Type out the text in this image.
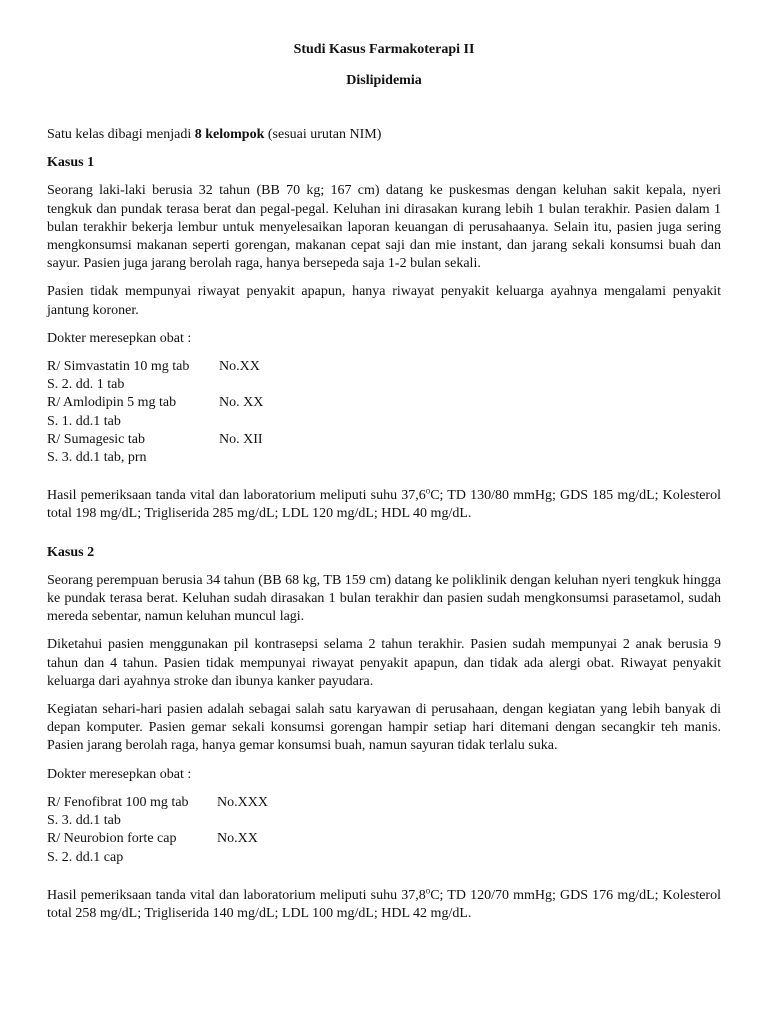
Studi Kasus Farmakoterapi II
Dislipidemia

Satu kelas dibagi menjadi 8 kelompok (sesuai urutan NIM)

Kasus 1

Seorang laki-laki berusia 32 tahun (BB 70 kg; 167 cm) datang ke puskesmas dengan keluhan sakit kepala, nyeri tengkuk dan pundak terasa berat dan pegal-pegal. Keluhan ini dirasakan kurang lebih 1 bulan terakhir. Pasien dalam 1 bulan terakhir bekerja lembur untuk menyelesaikan laporan keuangan di perusahaanya. Selain itu, pasien juga sering mengkonsumsi makanan seperti gorengan, makanan cepat saji dan mie instant, dan jarang sekali konsumsi buah dan sayur. Pasien juga jarang berolah raga, hanya bersepeda saja 1-2 bulan sekali.

Pasien tidak mempunyai riwayat penyakit apapun, hanya riwayat penyakit keluarga ayahnya mengalami penyakit jantung koroner.

Dokter meresepkan obat :

R/ Simvastatin 10 mg tab No.XX
S. 2. dd. 1 tab
R/ Amlodipin 5 mg tab	No. XX
S. 1. dd.1 tab
R/ Sumagesic tab	No. XII
S. 3. dd.1 tab, prn

Hasil pemeriksaan tanda vital dan laboratorium meliputi suhu 37,6$^o$C; TD 130/80 mmHg; GDS 185 mg/dL; Kolesterol total 198 mg/dL; Trigliserida 285 mg/dL; LDL 120 mg/dL; HDL 40 mg/dL.

Kasus 2

Seorang perempuan berusia 34 tahun (BB 68 kg, TB 159 cm) datang ke poliklinik dengan keluhan nyeri tengkuk hingga ke pundak terasa berat. Keluhan sudah dirasakan 1 bulan terakhir dan pasien sudah mengkonsumsi parasetamol, sudah mereda sebentar, namun keluhan muncul lagi.

Diketahui pasien menggunakan pil kontrasepsi selama 2 tahun terakhir. Pasien sudah mempunyai 2 anak berusia 9 tahun dan 4 tahun. Pasien tidak mempunyai riwayat penyakit apapun, dan tidak ada alergi obat. Riwayat penyakit keluarga dari ayahnya stroke dan ibunya kanker payudara.

Kegiatan sehari-hari pasien adalah sebagai salah satu karyawan di perusahaan, dengan kegiatan yang lebih banyak di depan komputer. Pasien gemar sekali konsumsi gorengan hampir setiap hari ditemani dengan secangkir teh manis. Pasien jarang berolah raga, hanya gemar konsumsi buah, namun sayuran tidak terlalu suka.

Dokter meresepkan obat :

R/ Fenofibrat 100 mg tab No.XXX
S. 3. dd.1 tab
R/ Neurobion forte cap	No.XX
S. 2. dd.1 cap

Hasil pemeriksaan tanda vital dan laboratorium meliputi suhu 37,8$^o$C; TD 120/70 mmHg; GDS 176 mg/dL; Kolesterol total 258 mg/dL; Trigliserida 140 mg/dL; LDL 100 mg/dL; HDL 42 mg/dL.
